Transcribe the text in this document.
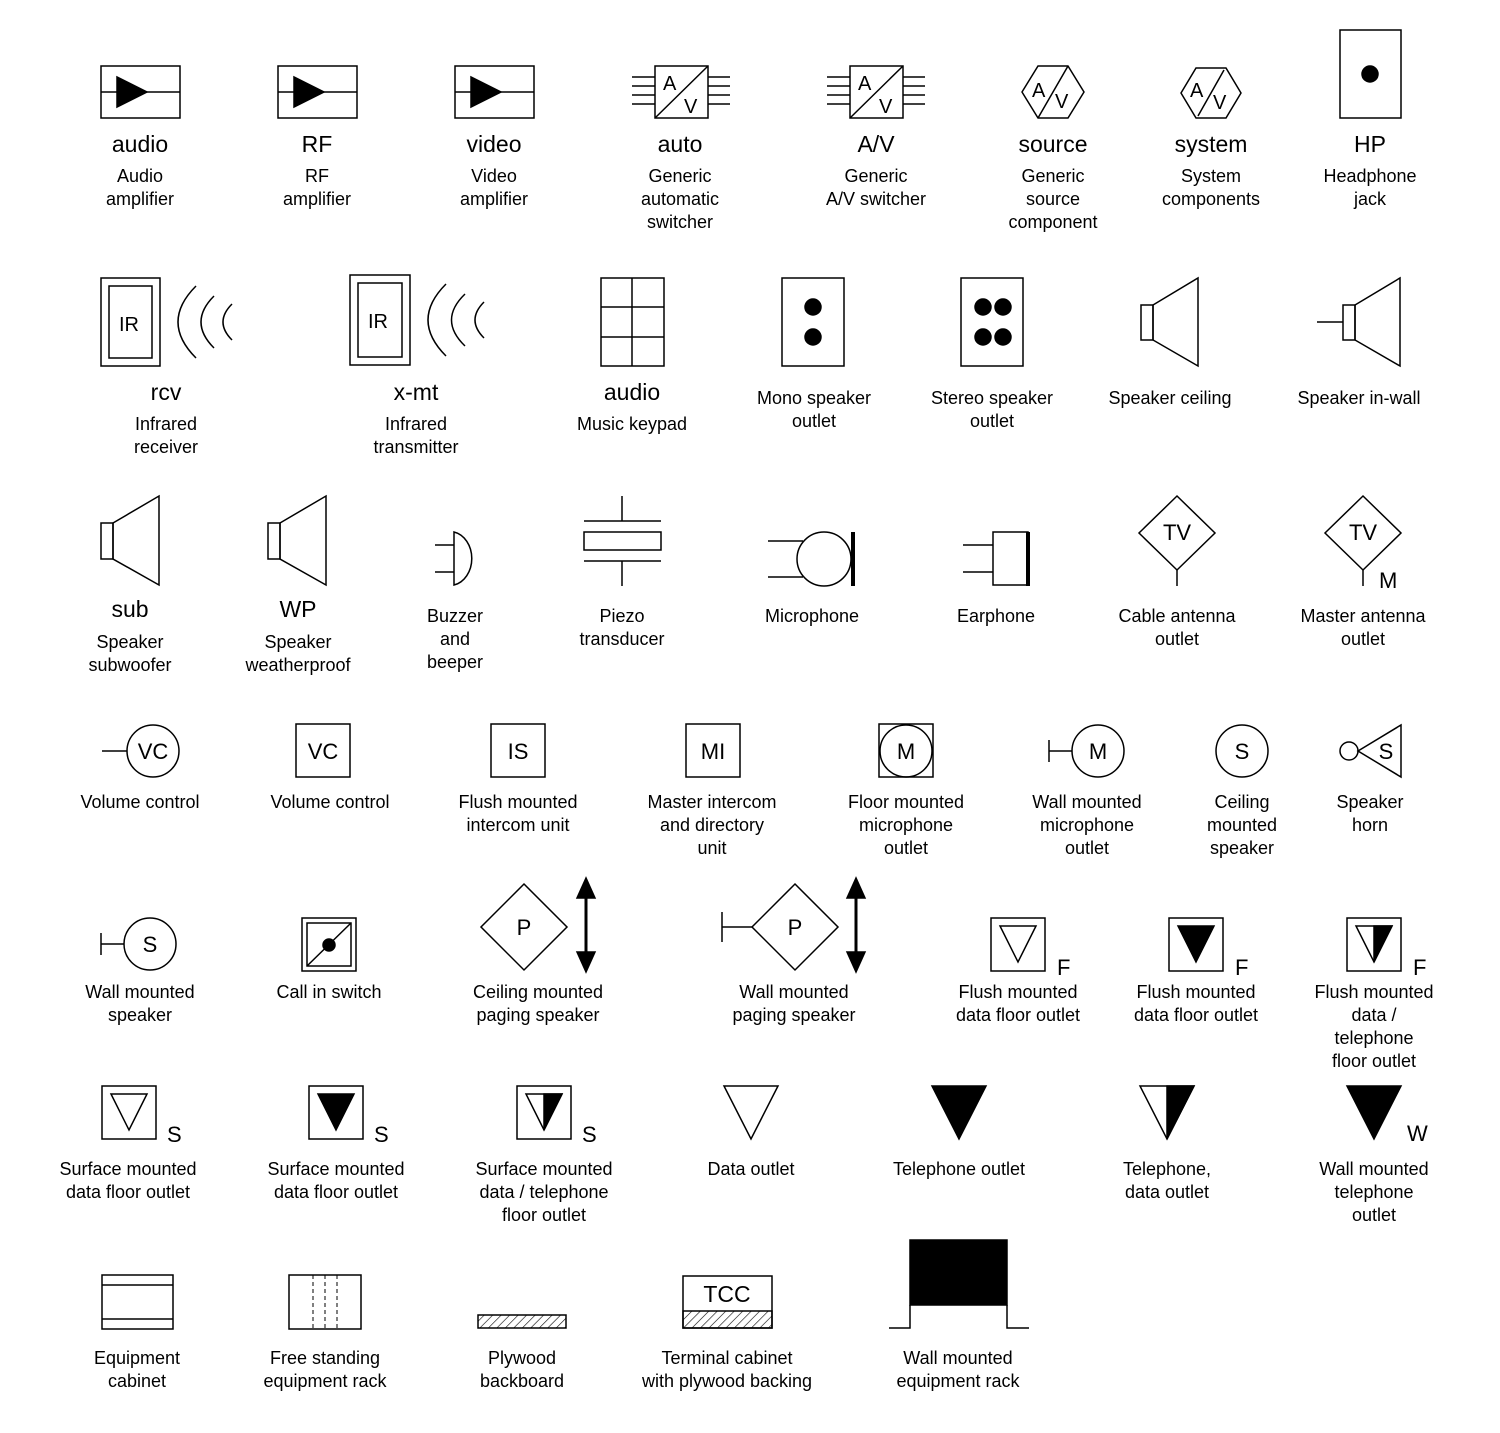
A
V
A
V
A V	A
V
IR	IR
TV	TV
M
VC	VC	IS	MI	M	M	S	S
S
P	P
F	F	F
S	S	S	W
TCC
audio
Audio
amplifier
RF
RF
amplifier
video
Video
amplifier
auto
Generic
automatic
switcher
A/V
Generic
A/V switcher
source
Generic
source
component
system
System
components
HP
Headphone
jack
rcv
Infrared
receiver
x-mt
Infrared
transmitter
audio
Music keypad
Mono speaker
outlet
Stereo speaker
outlet
Speaker ceiling	Speaker in-wall
sub
Speaker
subwoofer
WP
Speaker
weatherproof
Buzzer
and
beeper
Piezo
transducer
Microphone	Earphone	Cable antenna
outlet
Master antenna
outlet
Volume control	Volume control	Flush mounted
intercom unit
Master intercom
and directory
unit
Floor mounted
microphone
outlet
Wall mounted
microphone
outlet
Ceiling
mounted
speaker
Speaker
horn
Wall mounted
speaker
Call in switch	Ceiling mounted
paging speaker
Wall mounted
paging speaker
Flush mounted
data floor outlet
Flush mounted
data floor outlet
Flush mounted
data / telephone
floor outlet
Surface mounted
data floor outlet
Surface mounted
data floor outlet
Surface mounted
data / telephone
floor outlet
Data outlet	Telephone outlet	Telephone,
data outlet
Wall mounted
telephone outlet
Equipment
cabinet
Free standing
equipment rack
Plywood
backboard
Terminal cabinet
with plywood backing
Wall mounted
equipment rack
